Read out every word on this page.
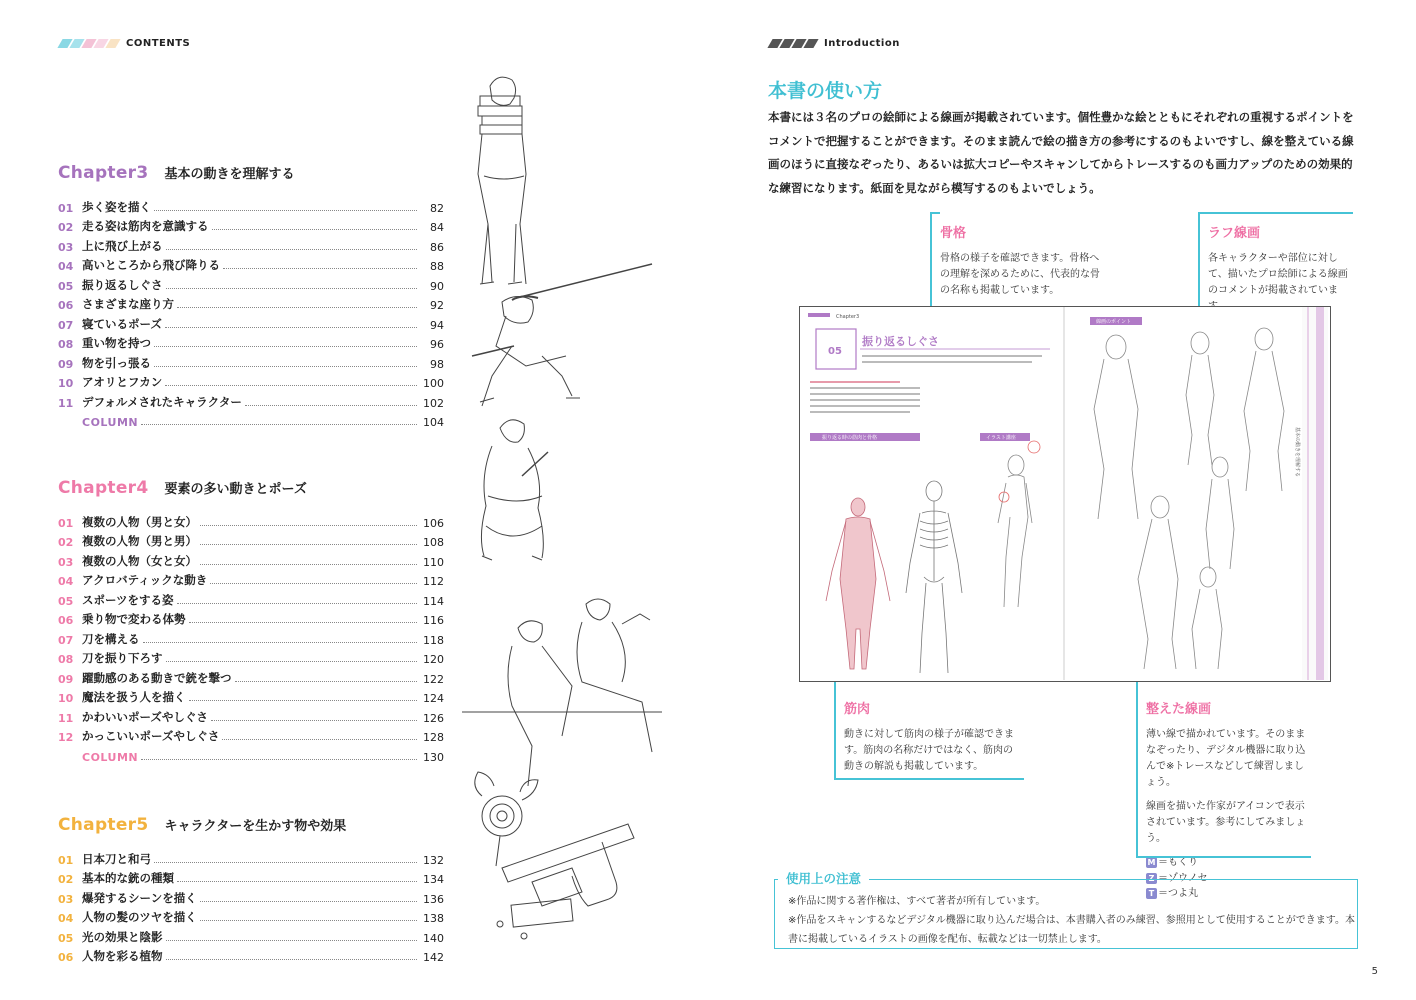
CONTENTS
Chapter3 基本の動きを理解する
01 歩く姿を描く	82
02 走る姿は筋肉を意識する	84
03 上に飛び上がる	86
04 高いところから飛び降りる	88
05 振り返るしぐさ	90
06 さまざまな座り方	92
07 寝ているポーズ	94
08 重い物を持つ	96
09 物を引っ張る	98
10 アオリとフカン	100
11 デフォルメされたキャラクター	102
COLUMN	104
Chapter4 要素の多い動きとポーズ
01 複数の人物（男と女）	106
02 複数の人物（男と男）	108
03 複数の人物（女と女）	110
04 アクロバティックな動き	112
05 スポーツをする姿	114
06 乗り物で変わる体勢	116
07 刀を構える	118
08 刀を振り下ろす	120
09 躍動感のある動きで銃を撃つ	122
10 魔法を扱う人を描く	124
11 かわいいポーズやしぐさ	126
12 かっこいいポーズやしぐさ	128
COLUMN	130
Chapter5 キャラクターを生かす物や効果
01 日本刀と和弓	132
02 基本的な銃の種類	134
03 爆発するシーンを描く	136
04 人物の髪のツヤを描く	138
05 光の効果と陰影	140
06 人物を彩る植物	142
Introduction
本書の使い方
本書には３名のプロの絵師による線画が掲載されています。個性豊かな絵とともにそれぞれの重視するポイントをコメントで把握することができます。そのまま読んで絵の描き方の参考にするのもよいですし、線を整えている線画のほうに直接なぞったり、あるいは拡大コピーやスキャンしてからトレースするのも画力アップのための効果的な練習になります。紙面を見ながら模写するのもよいでしょう。
骨格
骨格の様子を確認できます。骨格への理解を深めるために、代表的な骨の名称も掲載しています。
ラフ線画
各キャラクターや部位に対して、描いたプロ絵師による線画のコメントが掲載されていま
筋肉
動きに対して筋肉の様子が確認できます。筋肉の名称だけではなく、筋肉の動きの解説も掲載しています。
整えた線画
薄い線で描かれています。そのままなぞったり、デジタル機器に取り込んで※トレースなどして練習しましょう。
線画を描いた作家がアイコンで表示されています。参考にしてみましょう。
M ＝もくり
Z ＝ゾウノセ
T ＝つよ丸
Chapter3
05
振り返るしぐさ
振り返る時の筋肉と骨格	イラスト講座
線画のポイント
基本の動きを理解する
使用上の注意
※作品に関する著作権は、すべて著者が所有しています。
※作品をスキャンするなどデジタル機器に取り込んだ場合は、本書購入者のみ練習、参照用として使用することができます。本書に掲載しているイラストの画像を配布、転載などは一切禁止します。
5
